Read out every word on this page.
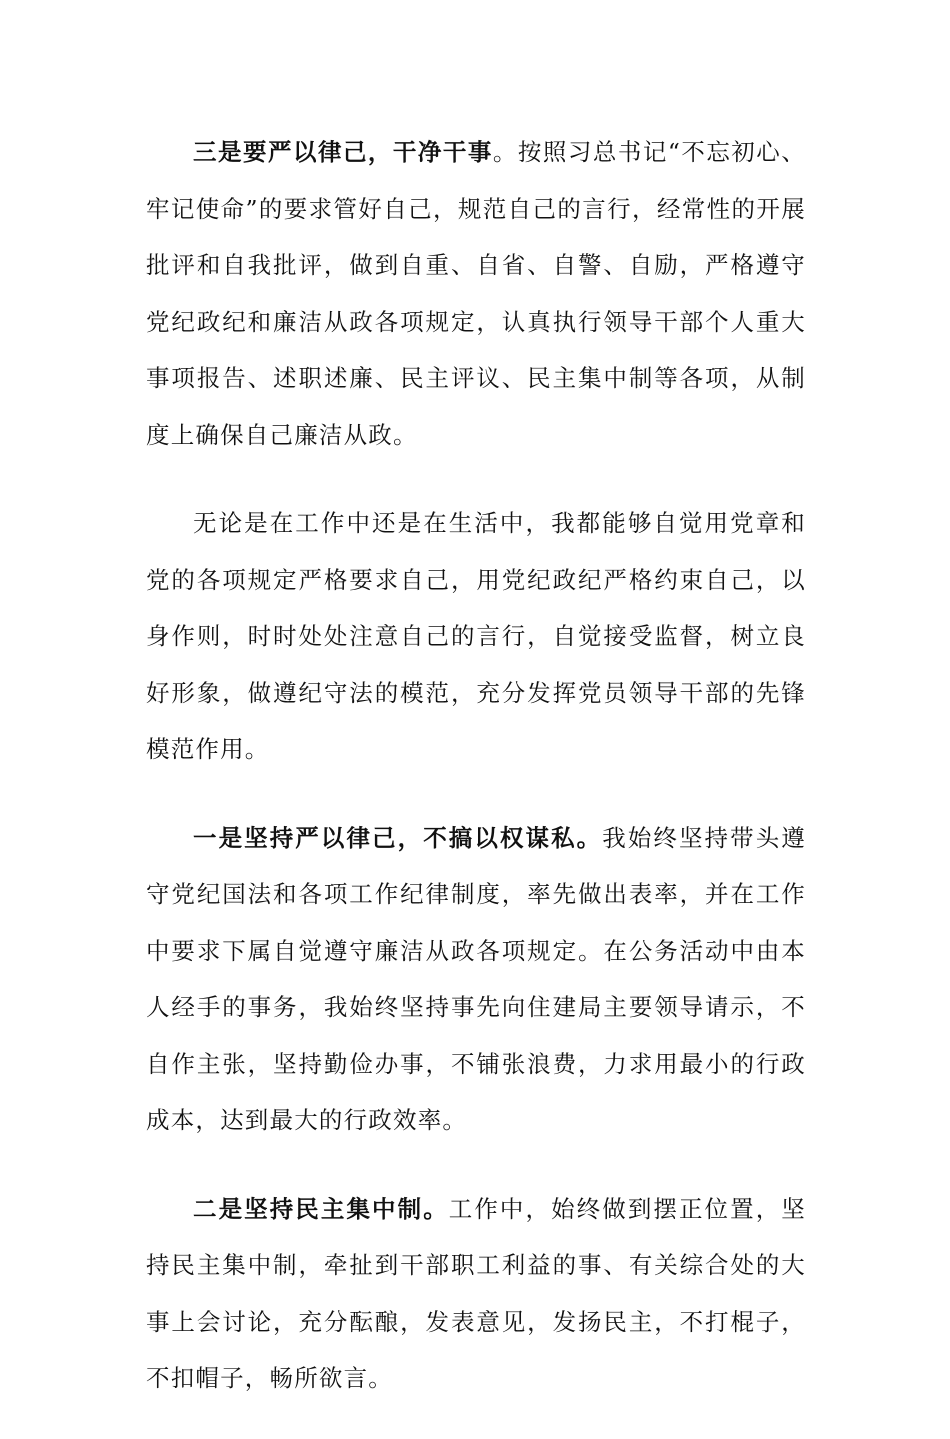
三是要严以律己，干净干事。按照习总书记“不忘初心、牢记使命”的要求管好自己，规范自己的言行，经常性的开展批评和自我批评，做到自重、自省、自警、自励，严格遵守党纪政纪和廉洁从政各项规定，认真执行领导干部个人重大事项报告、述职述廉、民主评议、民主集中制等各项，从制度上确保自己廉洁从政。

无论是在工作中还是在生活中，我都能够自觉用党章和党的各项规定严格要求自己，用党纪政纪严格约束自己，以身作则，时时处处注意自己的言行，自觉接受监督，树立良好形象，做遵纪守法的模范，充分发挥党员领导干部的先锋模范作用。

一是坚持严以律己，不搞以权谋私。我始终坚持带头遵守党纪国法和各项工作纪律制度，率先做出表率，并在工作中要求下属自觉遵守廉洁从政各项规定。在公务活动中由本人经手的事务，我始终坚持事先向住建局主要领导请示，不自作主张，坚持勤俭办事，不铺张浪费，力求用最小的行政成本，达到最大的行政效率。

二是坚持民主集中制。工作中，始终做到摆正位置，坚持民主集中制，牵扯到干部职工利益的事、有关综合处的大事上会讨论，充分酝酿，发表意见，发扬民主，不打棍子，不扣帽子，畅所欲言。
